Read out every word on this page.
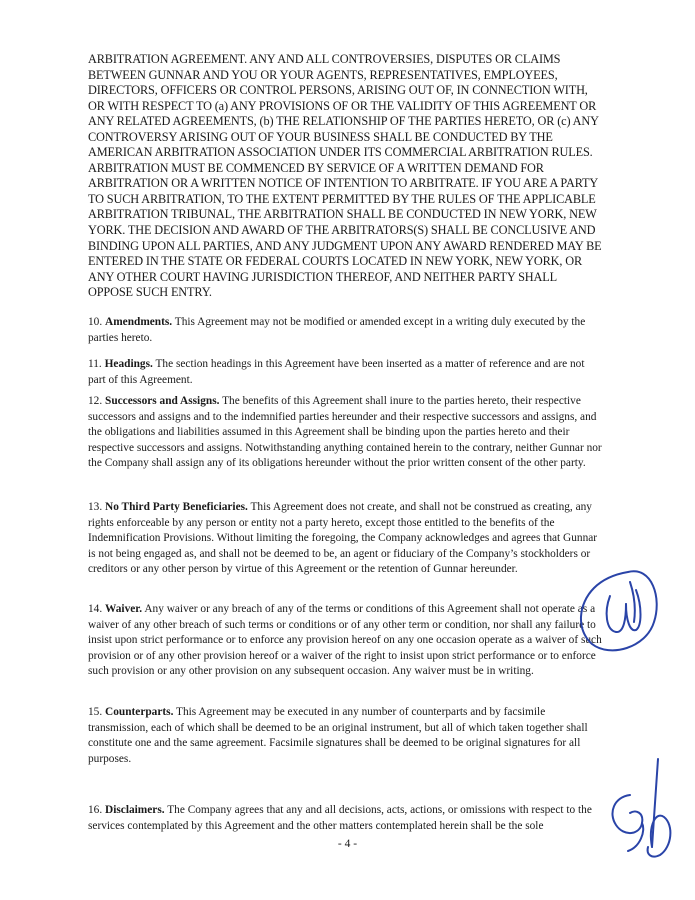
ARBITRATION AGREEMENT. ANY AND ALL CONTROVERSIES, DISPUTES OR CLAIMS BETWEEN GUNNAR AND YOU OR YOUR AGENTS, REPRESENTATIVES, EMPLOYEES, DIRECTORS, OFFICERS OR CONTROL PERSONS, ARISING OUT OF, IN CONNECTION WITH, OR WITH RESPECT TO (a) ANY PROVISIONS OF OR THE VALIDITY OF THIS AGREEMENT OR ANY RELATED AGREEMENTS, (b) THE RELATIONSHIP OF THE PARTIES HERETO, OR (c) ANY CONTROVERSY ARISING OUT OF YOUR BUSINESS SHALL BE CONDUCTED BY THE AMERICAN ARBITRATION ASSOCIATION UNDER ITS COMMERCIAL ARBITRATION RULES. ARBITRATION MUST BE COMMENCED BY SERVICE OF A WRITTEN DEMAND FOR ARBITRATION OR A WRITTEN NOTICE OF INTENTION TO ARBITRATE. IF YOU ARE A PARTY TO SUCH ARBITRATION, TO THE EXTENT PERMITTED BY THE RULES OF THE APPLICABLE ARBITRATION TRIBUNAL, THE ARBITRATION SHALL BE CONDUCTED IN NEW YORK, NEW YORK. THE DECISION AND AWARD OF THE ARBITRATORS(S) SHALL BE CONCLUSIVE AND BINDING UPON ALL PARTIES, AND ANY JUDGMENT UPON ANY AWARD RENDERED MAY BE ENTERED IN THE STATE OR FEDERAL COURTS LOCATED IN NEW YORK, NEW YORK, OR ANY OTHER COURT HAVING JURISDICTION THEREOF, AND NEITHER PARTY SHALL OPPOSE SUCH ENTRY.

10. Amendments. This Agreement may not be modified or amended except in a writing duly executed by the parties hereto.

11. Headings. The section headings in this Agreement have been inserted as a matter of reference and are not part of this Agreement.

12. Successors and Assigns. The benefits of this Agreement shall inure to the parties hereto, their respective successors and assigns and to the indemnified parties hereunder and their respective successors and assigns, and the obligations and liabilities assumed in this Agreement shall be binding upon the parties hereto and their respective successors and assigns. Notwithstanding anything contained herein to the contrary, neither Gunnar nor the Company shall assign any of its obligations hereunder without the prior written consent of the other party.

13. No Third Party Beneficiaries. This Agreement does not create, and shall not be construed as creating, any rights enforceable by any person or entity not a party hereto, except those entitled to the benefits of the Indemnification Provisions. Without limiting the foregoing, the Company acknowledges and agrees that Gunnar is not being engaged as, and shall not be deemed to be, an agent or fiduciary of the Company’s stockholders or creditors or any other person by virtue of this Agreement or the retention of Gunnar hereunder.

14. Waiver. Any waiver or any breach of any of the terms or conditions of this Agreement shall not operate as a waiver of any other breach of such terms or conditions or of any other term or condition, nor shall any failure to insist upon strict performance or to enforce any provision hereof on any one occasion operate as a waiver of such provision or of any other provision hereof or a waiver of the right to insist upon strict performance or to enforce such provision or any other provision on any subsequent occasion. Any waiver must be in writing.

15. Counterparts. This Agreement may be executed in any number of counterparts and by facsimile transmission, each of which shall be deemed to be an original instrument, but all of which taken together shall constitute one and the same agreement. Facsimile signatures shall be deemed to be original signatures for all purposes.

16. Disclaimers. The Company agrees that any and all decisions, acts, actions, or omissions with respect to the services contemplated by this Agreement and the other matters contemplated herein shall be the sole

- 4 -
